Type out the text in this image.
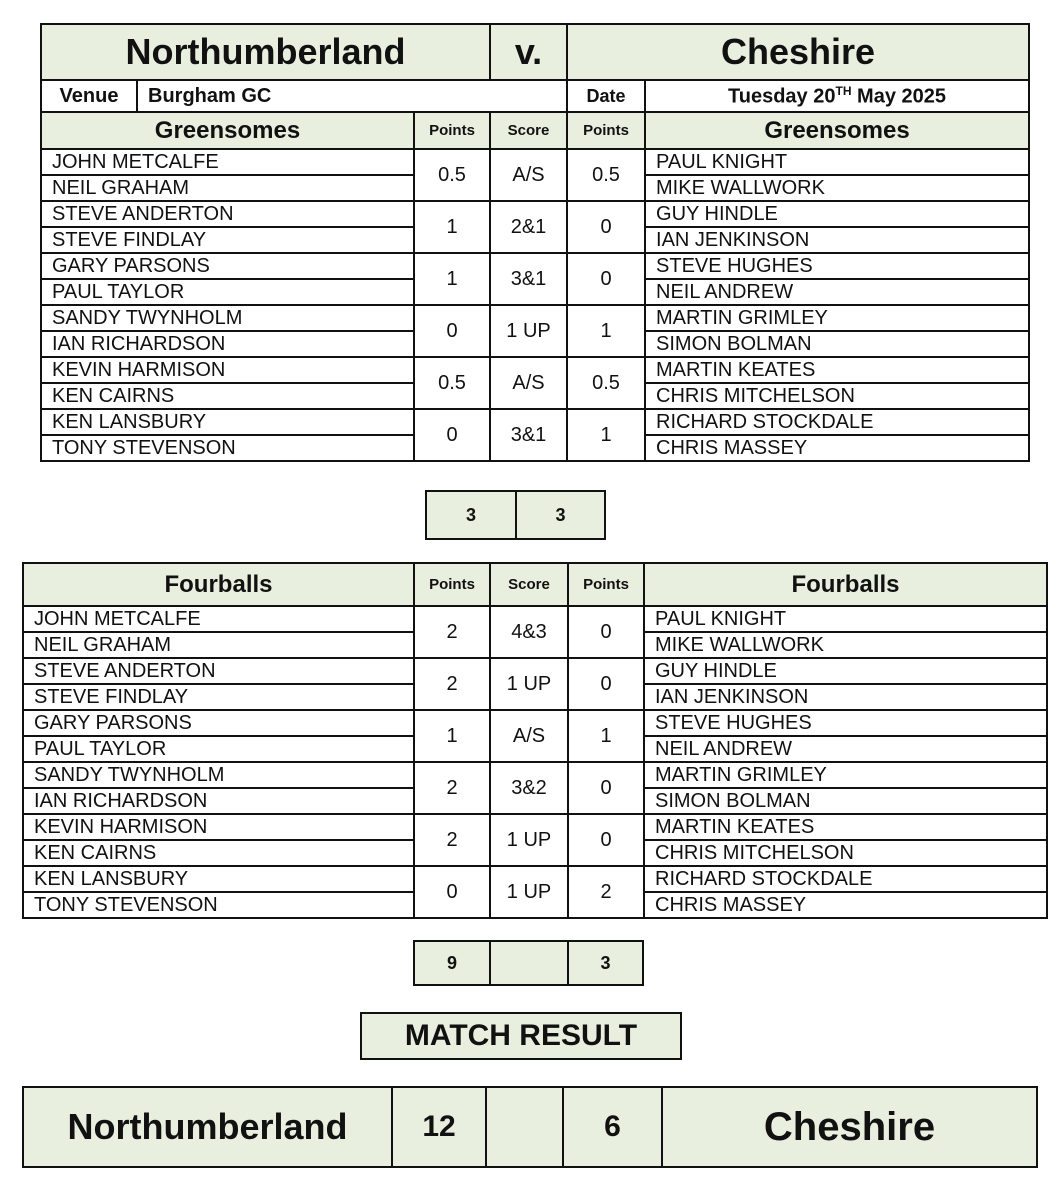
Northumberland			v.	Cheshire	
Venue	Burgham GC			Date	Tuesday 20TH May 2025
Greensomes		Points	Score	Points	Greensomes
JOHN METCALFE		0.5	A/S	0.5	PAUL KNIGHT
NEIL GRAHAM					MIKE WALLWORK
STEVE ANDERTON		1	2&1	0	GUY HINDLE
STEVE FINDLAY					IAN JENKINSON
GARY PARSONS		1	3&1	0	STEVE HUGHES
PAUL TAYLOR					NEIL ANDREW
SANDY TWYNHOLM		0	1 UP	1	MARTIN GRIMLEY
IAN RICHARDSON					SIMON BOLMAN
KEVIN HARMISON		0.5	A/S	0.5	MARTIN KEATES
KEN CAIRNS					CHRIS MITCHELSON
KEN LANSBURY		0	3&1	1	RICHARD STOCKDALE
TONY STEVENSON					CHRIS MASSEY
3	3
Fourballs	Points	Score	Points	Fourballs
JOHN METCALFE	2	4&3	0	PAUL KNIGHT
NEIL GRAHAM				MIKE WALLWORK
STEVE ANDERTON	2	1 UP	0	GUY HINDLE
STEVE FINDLAY				IAN JENKINSON
GARY PARSONS	1	A/S	1	STEVE HUGHES
PAUL TAYLOR				NEIL ANDREW
SANDY TWYNHOLM	2	3&2	0	MARTIN GRIMLEY
IAN RICHARDSON				SIMON BOLMAN
KEVIN HARMISON	2	1 UP	0	MARTIN KEATES
KEN CAIRNS				CHRIS MITCHELSON
KEN LANSBURY	0	1 UP	2	RICHARD STOCKDALE
TONY STEVENSON				CHRIS MASSEY
9		3
MATCH RESULT
Northumberland	12		6	Cheshire
